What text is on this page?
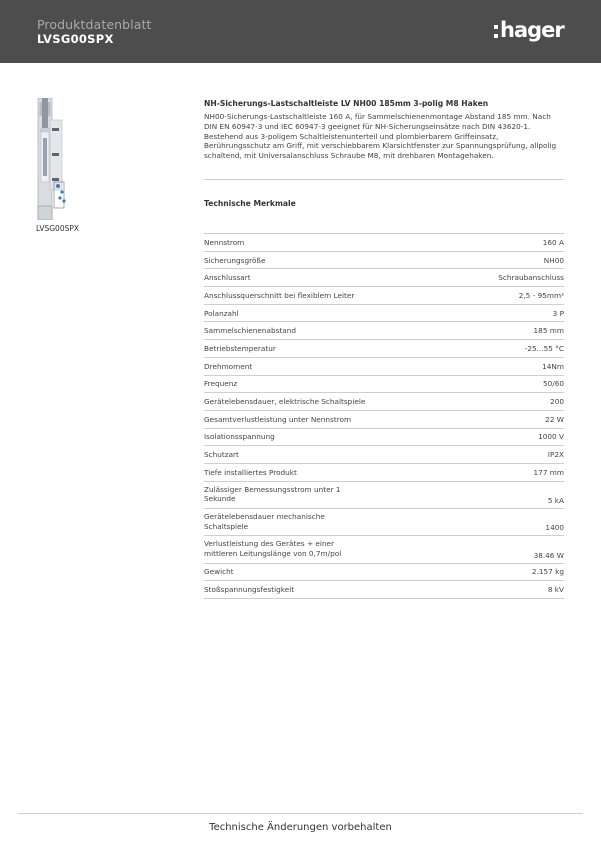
Produktdatenblatt
LVSG00SPX	hager
LVSG00SPX
NH-Sicherungs-Lastschaltleiste LV NH00 185mm 3-polig M8 Haken
NH00-Sicherungs-Lastschaltleiste 160 A, für Sammelschienenmontage Abstand 185 mm. Nach
DIN EN 60947-3 und IEC 60947-3 geeignet für NH-Sicherungseinsätze nach DIN 43620-1.
Bestehend aus 3-poligem Schaltleistenunterteil und plombierbarem Griffeinsatz,
Berührungsschutz am Griff, mit verschiebbarem Klarsichtfenster zur Spannungsprüfung, allpolig
schaltend, mit Universalanschluss Schraube M8, mit drehbaren Montagehaken.
Technische Merkmale
Nennstrom	160 A
Sicherungsgröße	NH00
Anschlussart	Schraubanschluss
Anschlussquerschnitt bei flexiblem Leiter	2,5 - 95mm²
Polanzahl	3 P
Sammelschienenabstand	185 mm
Betriebstemperatur	-25...55 °C
Drehmoment	14Nm
Frequenz	50/60
Gerätelebensdauer, elektrische Schaltspiele	200
Gesamtverlustleistung unter Nennstrom	22 W
Isolationsspannung	1000 V
Schutzart	IP2X
Tiefe installiertes Produkt	177 mm
Zulässiger Bemessungsstrom unter 1
Sekunde	5 kA
Gerätelebensdauer mechanische
Schaltspiele	1400
Verlustleistung des Gerätes + einer
mittleren Leitungslänge von 0,7m/pol	38.46 W
Gewicht	2.157 kg
Stoßspannungsfestigkeit	8 kV
Technische Änderungen vorbehalten
